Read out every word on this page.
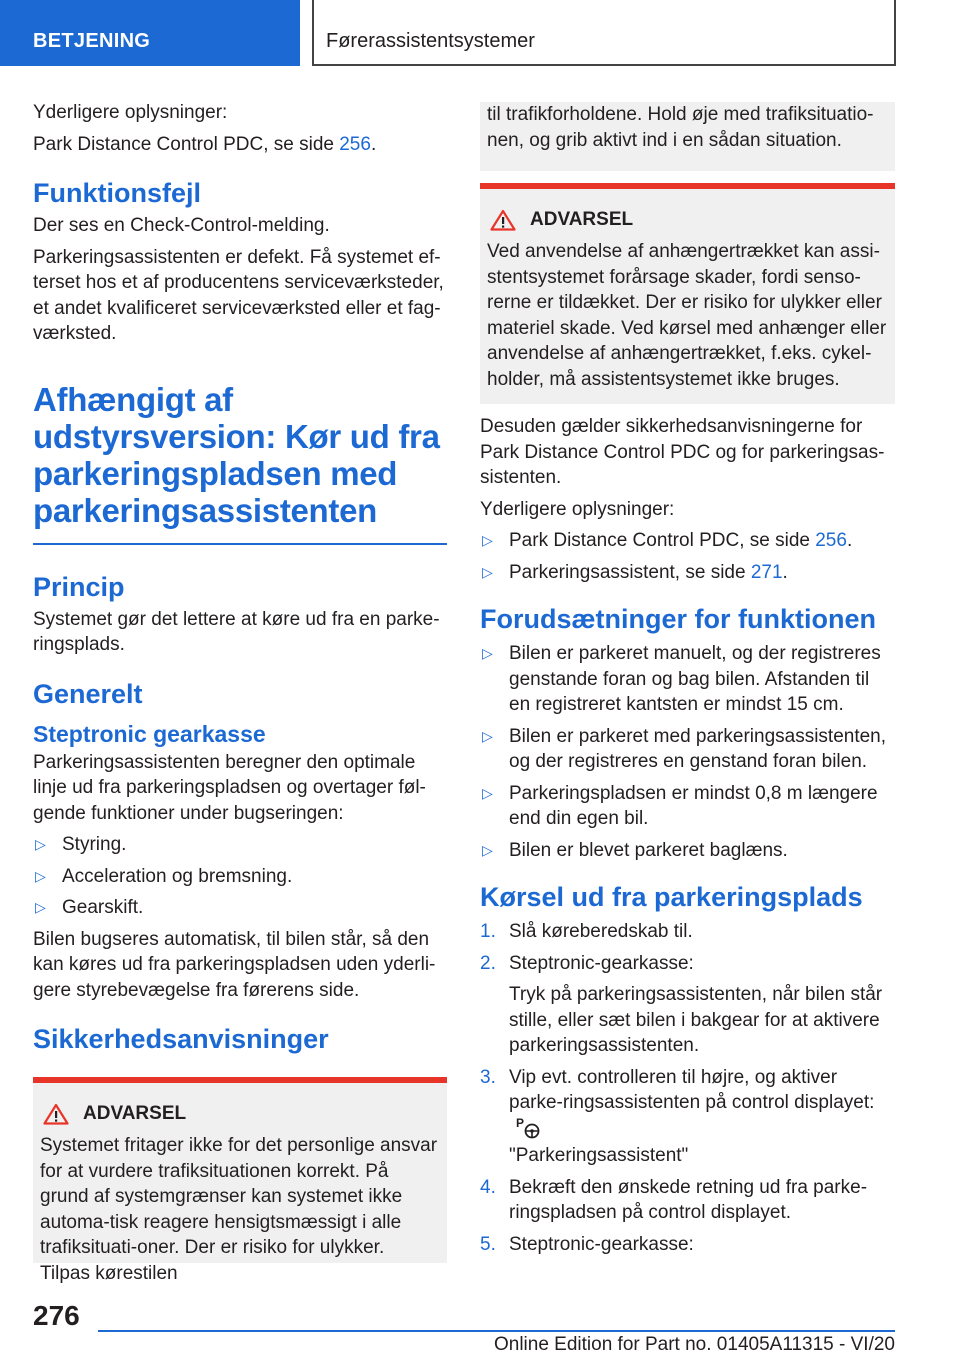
BETJENING	Førerassistentsystemer

Yderligere oplysninger:

Park Distance Control PDC, se side 256.

Funktionsfejl

Der ses en Check-Control-melding.

Parkeringsassistenten er defekt. Få systemet ef-terset hos et af producentens serviceværksteder, et andet kvalificeret serviceværksted eller et fag-værksted.

Afhængigt af udstyrsversion: Kør ud fra parkeringspladsen med parkeringsassistenten
Princip

Systemet gør det lettere at køre ud fra en parke-ringsplads.

Generelt
Steptronic gearkasse

Parkeringsassistenten beregner den optimale linje ud fra parkeringspladsen og overtager føl-gende funktioner under bugseringen:

▷ Styring.
▷ Acceleration og bremsning.
▷ Gearskift.

Bilen bugseres automatisk, til bilen står, så den kan køres ud fra parkeringspladsen uden yderli-gere styrebevægelse fra førerens side.

Sikkerhedsanvisninger
ADVARSEL

Systemet fritager ikke for det personlige ansvar for at vurdere trafiksituationen korrekt. På grund af systemgrænser kan systemet ikke automa-tisk reagere hensigtsmæssigt i alle trafiksituati-oner. Der er risiko for ulykker. Tilpas kørestilen

til trafikforholdene. Hold øje med trafiksituatio-nen, og grib aktivt ind i en sådan situation.

ADVARSEL

Ved anvendelse af anhængertrækket kan assi-stentsystemet forårsage skader, fordi senso-rerne er tildækket. Der er risiko for ulykker eller materiel skade. Ved kørsel med anhænger eller anvendelse af anhængertrækket, f.eks. cykel-holder, må assistentsystemet ikke bruges.

Desuden gælder sikkerhedsanvisningerne for Park Distance Control PDC og for parkeringsas-sistenten.

Yderligere oplysninger:

▷ Park Distance Control PDC, se side 256.
▷ Parkeringsassistent, se side 271.
Forudsætninger for funktionen
▷ Bilen er parkeret manuelt, og der registreres genstande foran og bag bilen. Afstanden til en registreret kantsten er mindst 15 cm.
▷ Bilen er parkeret med parkeringsassistenten, og der registreres en genstand foran bilen.
▷ Parkeringspladsen er mindst 0,8 m længere end din egen bil.
▷ Bilen er blevet parkeret baglæns.
Kørsel ud fra parkeringsplads
1. Slå køreberedskab til.
2. Steptronic-gearkasse:
Tryk på parkeringsassistenten, når bilen står stille, eller sæt bilen i bakgear for at aktivere parkeringsassistenten.
3. Vip evt. controlleren til højre, og aktiver parke-ringsassistenten på control displayet:
P

"Parkeringsassistent"
4. Bekræft den ønskede retning ud fra parke-ringspladsen på control displayet.
5. Steptronic-gearkasse:
276
Online Edition for Part no. 01405A11315 - VI/20
